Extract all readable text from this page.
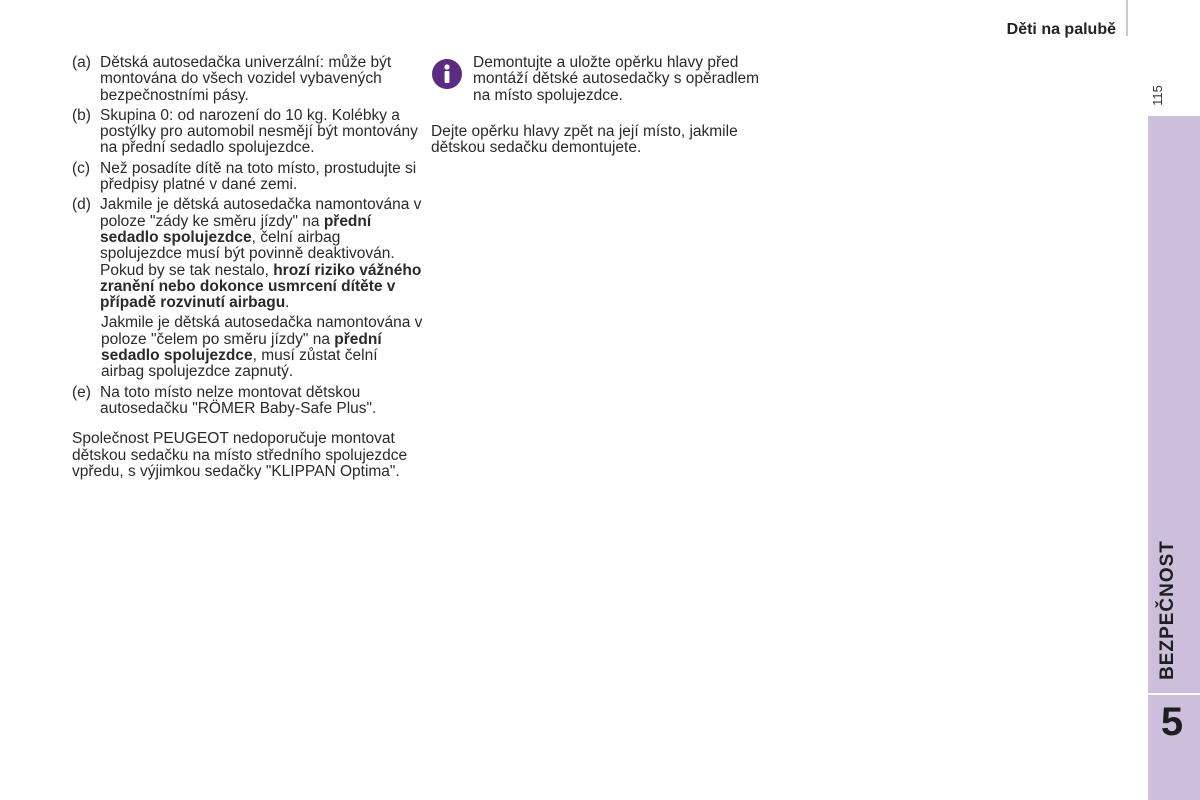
Děti na palubě
115
BEZPEČNOST
5
(a) Dětská autosedačka univerzální: může být montována do všech vozidel vybavených bezpečnostními pásy.

(b) Skupina 0: od narození do 10 kg. Kolébky a postýlky pro automobil nesmějí být montovány na přední sedadlo spolujezdce.

(c) Než posadíte dítě na toto místo, prostudujte si předpisy platné v dané zemi.

(d) Jakmile je dětská autosedačka namontována v poloze "zády ke směru jízdy" na přední sedadlo spolujezdce, čelní airbag spolujezdce musí být povinně deaktivován. Pokud by se tak nestalo, hrozí riziko vážného zranění nebo dokonce usmrcení dítěte v případě rozvinutí airbagu.

Jakmile je dětská autosedačka namontována v poloze "čelem po směru jízdy" na přední sedadlo spolujezdce, musí zůstat čelní airbag spolujezdce zapnutý.

(e) Na toto místo nelze montovat dětskou autosedačku "RÖMER Baby-Safe Plus".

Společnost PEUGEOT nedoporučuje montovat dětskou sedačku na místo středního spolujezdce vpředu, s výjimkou sedačky "KLIPPAN Optima".

Demontujte a uložte opěrku hlavy před montáží dětské autosedačky s opěradlem na místo spolujezdce.

Dejte opěrku hlavy zpět na její místo, jakmile dětskou sedačku demontujete.
